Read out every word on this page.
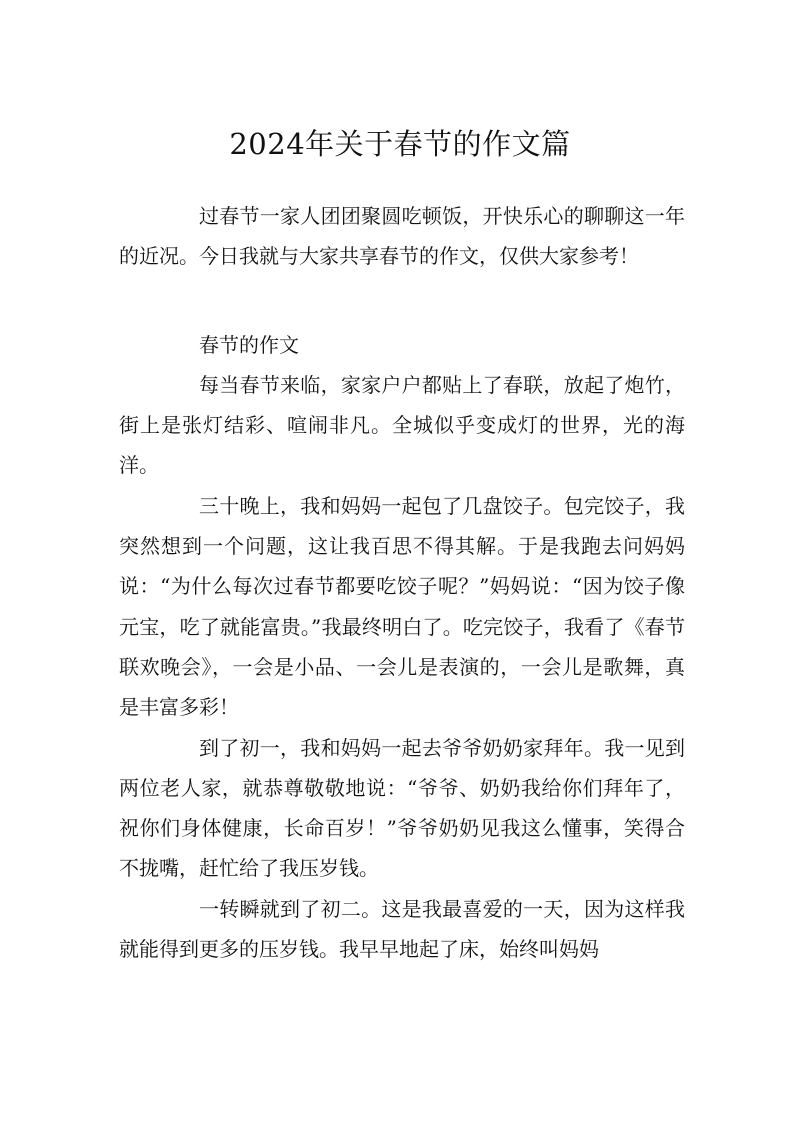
2024年关于春节的作文篇

过春节一家人团团聚圆吃顿饭，开快乐心的聊聊这一年的近况。今日我就与大家共享春节的作文，仅供大家参考！

春节的作文

每当春节来临，家家户户都贴上了春联，放起了炮竹，街上是张灯结彩、喧闹非凡。全城似乎变成灯的世界，光的海洋。

三十晚上，我和妈妈一起包了几盘饺子。包完饺子，我突然想到一个问题，这让我百思不得其解。于是我跑去问妈妈说：“为什么每次过春节都要吃饺子呢？”妈妈说：“因为饺子像元宝，吃了就能富贵。”我最终明白了。吃完饺子，我看了《春节联欢晚会》，一会是小品、一会儿是表演的，一会儿是歌舞，真是丰富多彩！

到了初一，我和妈妈一起去爷爷奶奶家拜年。我一见到两位老人家，就恭尊敬敬地说：“爷爷、奶奶我给你们拜年了，祝你们身体健康，长命百岁！”爷爷奶奶见我这么懂事，笑得合不拢嘴，赶忙给了我压岁钱。

一转瞬就到了初二。这是我最喜爱的一天，因为这样我就能得到更多的压岁钱。我早早地起了床，始终叫妈妈
